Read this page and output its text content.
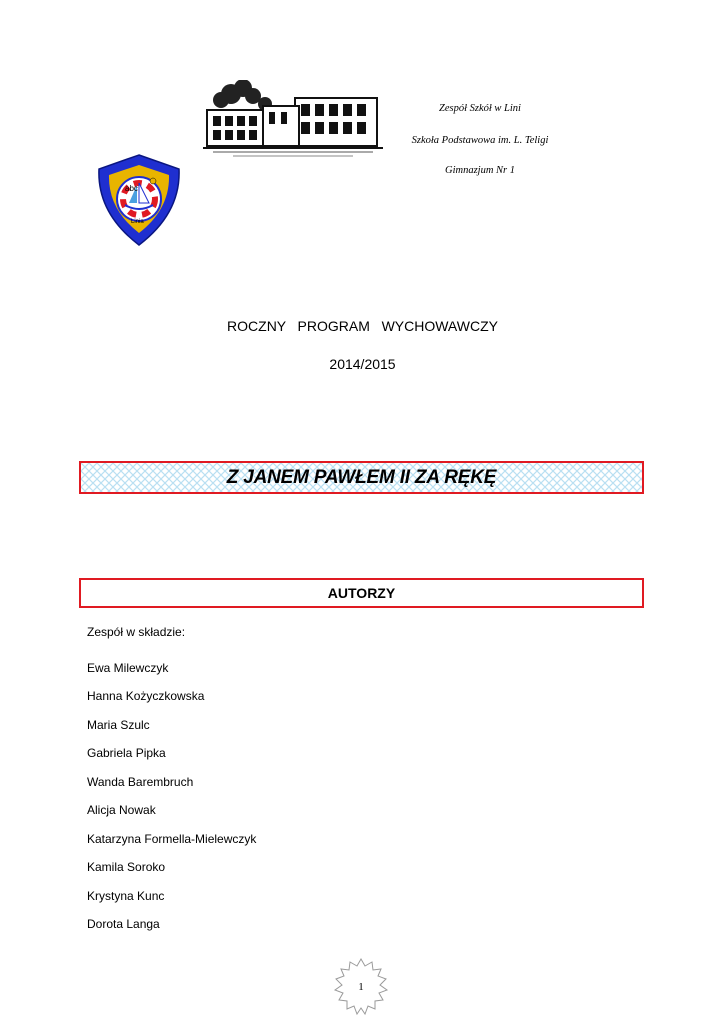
abc
Linia
Zespół Szkół w Lini
Szkoła Podstawowa im. L. Teligi
Gimnazjum Nr 1
ROCZNY   PROGRAM   WYCHOWAWCZY
2014/2015
Z JANEM PAWŁEM II ZA RĘKĘ
AUTORZY
Zespół w składzie:
Ewa Milewczyk
Hanna Kożyczkowska
Maria Szulc
Gabriela Pipka
Wanda Barembruch
Alicja Nowak
Katarzyna Formella-Mielewczyk
Kamila Soroko
Krystyna Kunc
Dorota Langa
1
